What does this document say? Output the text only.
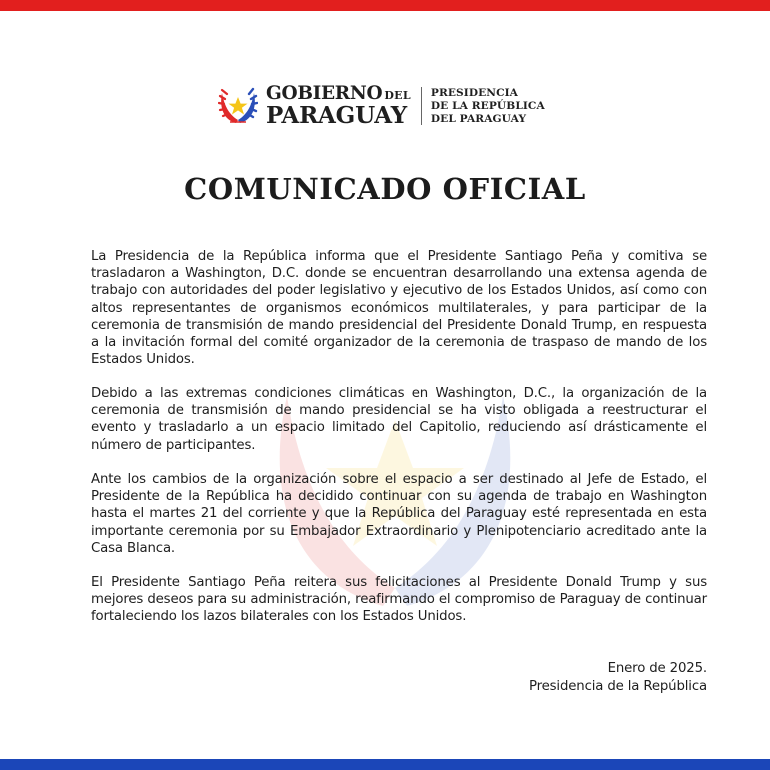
GOBIERNO DEL
PARAGUAY
PRESIDENCIA
DE LA REPÚBLICA
DEL PARAGUAY
COMUNICADO OFICIAL

La Presidencia de la República informa que el Presidente Santiago Peña y comitiva se trasladaron a Washington, D.C. donde se encuentran desarrollando una extensa agenda de trabajo con autoridades del poder legislativo y ejecutivo de los Estados Unidos, así como con altos representantes de organismos económicos multilaterales, y para participar de la ceremonia de transmisión de mando presidencial del Presidente Donald Trump, en respuesta a la invitación formal del comité organizador de la ceremonia de traspaso de mando de los Estados Unidos.

Debido a las extremas condiciones climáticas en Washington, D.C., la organización de la ceremonia de transmisión de mando presidencial se ha visto obligada a reestructurar el evento y trasladarlo a un espacio limitado del Capitolio, reduciendo así drásticamente el número de participantes.

Ante los cambios de la organización sobre el espacio a ser destinado al Jefe de Estado, el Presidente de la República ha decidido continuar con su agenda de trabajo en Washington hasta el martes 21 del corriente y que la República del Paraguay esté representada en esta importante ceremonia por su Embajador Extraordinario y Plenipotenciario acreditado ante la Casa Blanca.

El Presidente Santiago Peña reitera sus felicitaciones al Presidente Donald Trump y sus mejores deseos para su administración, reafirmando el compromiso de Paraguay de continuar fortaleciendo los lazos bilaterales con los Estados Unidos.

Enero de 2025.
Presidencia de la República
